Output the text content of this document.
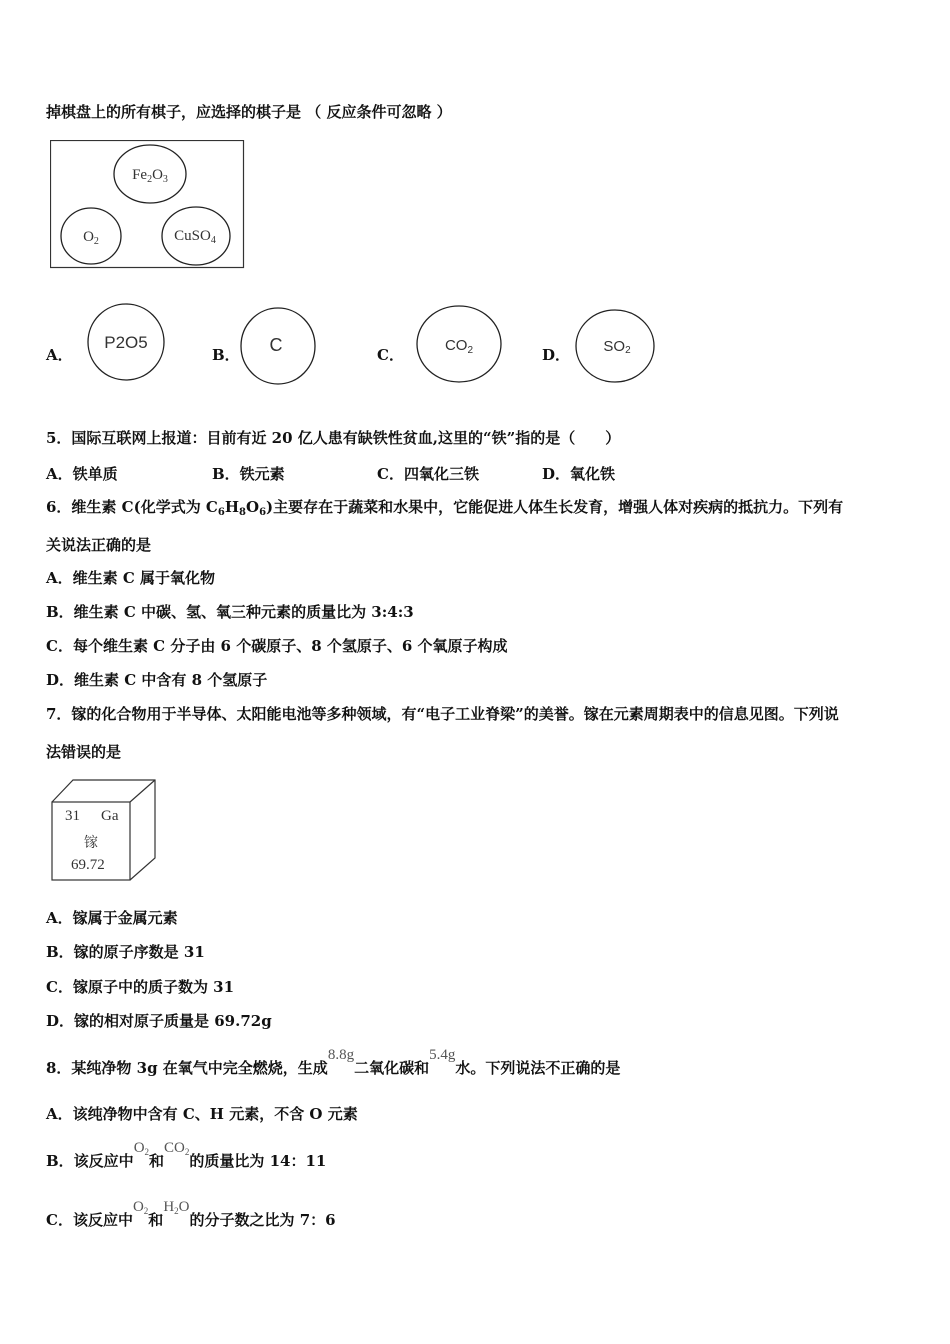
掉棋盘上的所有棋子，应选择的棋子是 （ 反应条件可忽略 ）
$Fe_2O_3$
$O_2$	CuSO$_4$
A．
P2O5
B． C	C．
$CO_2$	D． SO2
5．国际互联网上报道：目前有近 20 亿人患有缺铁性贫血,这里的“铁”指的是（　　）
A．铁单质	B．铁元素	C．四氧化三铁	D．氧化铁
6．维生素 C(化学式为 $C_6H_8O_6$)主要存在于蔬菜和水果中，它能促进人体生长发育，增强人体对疾病的抵抗力。下列有
关说法正确的是
A．维生素 C 属于氧化物
B．维生素 C 中碳、氢、氧三种元素的质量比为 3:4:3
C．每个维生素 C 分子由 6 个碳原子、8 个氢原子、6 个氧原子构成
D．维生素 C 中含有 8 个氢原子
7．镓的化合物用于半导体、太阳能电池等多种领域，有“电子工业脊梁”的美誉。镓在元素周期表中的信息见图。下列说
法错误的是
31 Ga
镓
69.72
A．镓属于金属元素
B．镓的原子序数是 31
C．镓原子中的质子数为 31
D．镓的相对原子质量是 69.72g
8．某纯净物 3g 在氧气中完全燃烧，生成8.8g二氧化碳和5.4g水。下列说法不正确的是
A．该纯净物中含有 C、H 元素，不含 O 元素
B．该反应中$O_2$和$CO_2$的质量比为 14：11
C．该反应中$O_2$和$H_2O$的分子数之比为 7：6
